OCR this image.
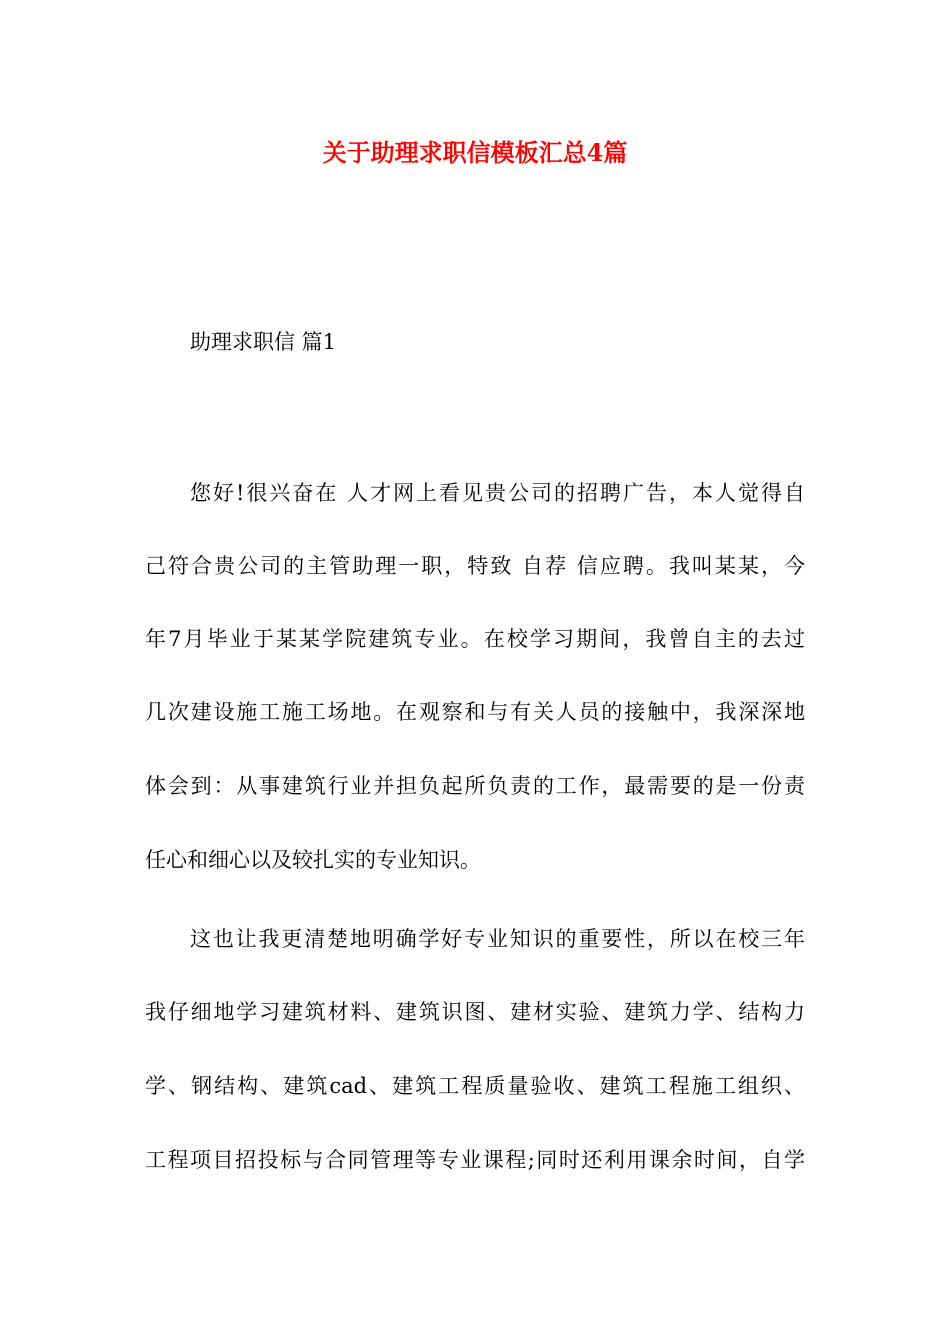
关于助理求职信模板汇总4篇
助理求职信 篇1
您好!很兴奋在 人才网上看见贵公司的招聘广告，本人觉得自
己符合贵公司的主管助理一职，特致 自荐 信应聘。我叫某某，今
年7月毕业于某某学院建筑专业。在校学习期间，我曾自主的去过
几次建设施工施工场地。在观察和与有关人员的接触中，我深深地
体会到：从事建筑行业并担负起所负责的工作，最需要的是一份责
任心和细心以及较扎实的专业知识。
这也让我更清楚地明确学好专业知识的重要性，所以在校三年
我仔细地学习建筑材料、建筑识图、建材实验、建筑力学、结构力
学、钢结构、建筑cad、建筑工程质量验收、建筑工程施工组织、
工程项目招投标与合同管理等专业课程;同时还利用课余时间，自学
